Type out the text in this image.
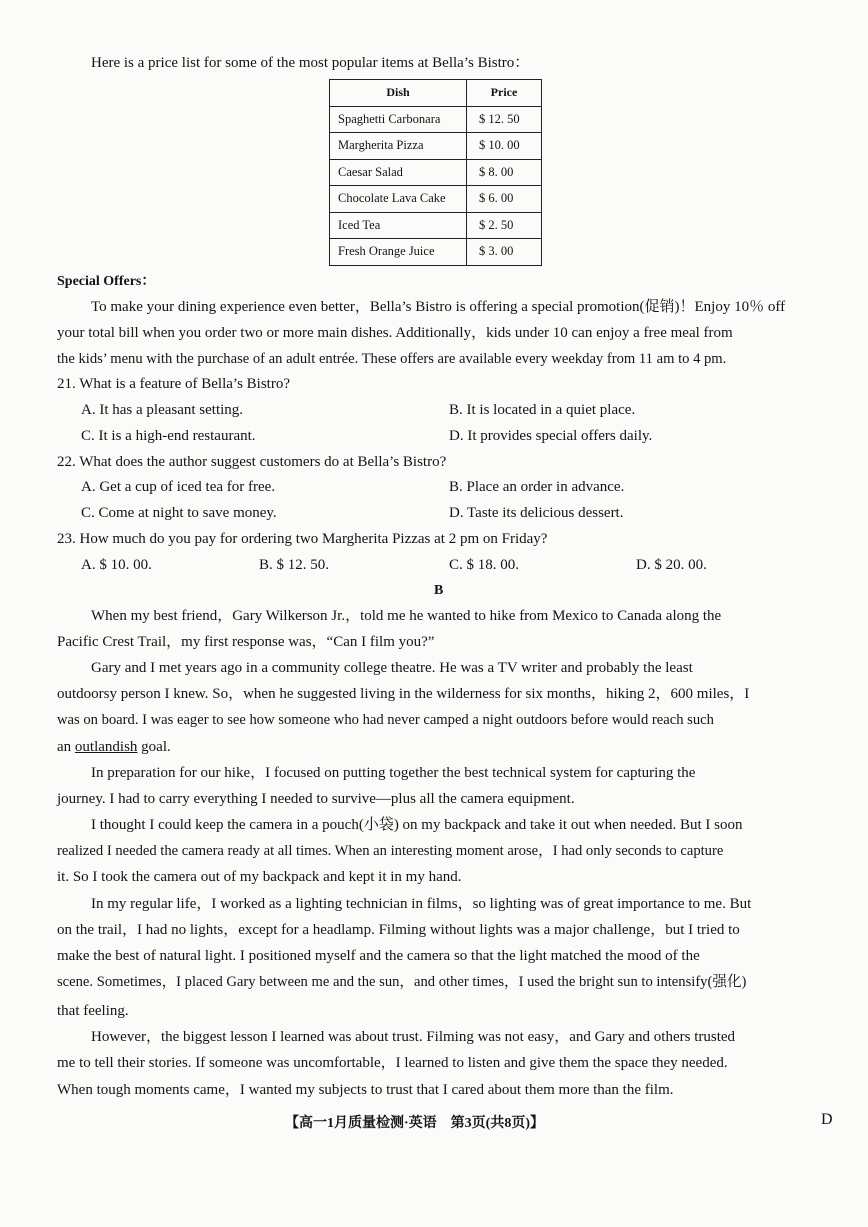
Here is a price list for some of the most popular items at Bella’s Bistro：
Dish	Price
Spaghetti Carbonara	$ 12. 50
Margherita Pizza	$ 10. 00
Caesar Salad	$ 8. 00
Chocolate Lava Cake	$ 6. 00
Iced Tea	$ 2. 50
Fresh Orange Juice	$ 3. 00
Special Offers：
To make your dining experience even better，Bella’s Bistro is offering a special promotion(促销)！Enjoy 10％ off
your total bill when you order two or more main dishes. Additionally，kids under 10 can enjoy a free meal from
the kids’ menu with the purchase of an adult entrée. These offers are available every weekday from 11 am to 4 pm.
21. What is a feature of Bella’s Bistro?
A. It has a pleasant setting.	B. It is located in a quiet place.
C. It is a high-end restaurant.	D. It provides special offers daily.
22. What does the author suggest customers do at Bella’s Bistro?
A. Get a cup of iced tea for free.	B. Place an order in advance.
C. Come at night to save money.	D. Taste its delicious dessert.
23. How much do you pay for ordering two Margherita Pizzas at 2 pm on Friday?
A. $ 10. 00.	B. $ 12. 50.	C. $ 18. 00.	D. $ 20. 00.
B
When my best friend，Gary Wilkerson Jr.，told me he wanted to hike from Mexico to Canada along the
Pacific Crest Trail，my first response was，“Can I film you?”
Gary and I met years ago in a community college theatre. He was a TV writer and probably the least
outdoorsy person I knew. So，when he suggested living in the wilderness for six months，hiking 2，600 miles，I
was on board. I was eager to see how someone who had never camped a night outdoors before would reach such
an outlandish goal.
In preparation for our hike，I focused on putting together the best technical system for capturing the
journey. I had to carry everything I needed to survive—plus all the camera equipment.
I thought I could keep the camera in a pouch(小袋) on my backpack and take it out when needed. But I soon
realized I needed the camera ready at all times. When an interesting moment arose，I had only seconds to capture
it. So I took the camera out of my backpack and kept it in my hand.
In my regular life，I worked as a lighting technician in films，so lighting was of great importance to me. But
on the trail，I had no lights，except for a headlamp. Filming without lights was a major challenge，but I tried to
make the best of natural light. I positioned myself and the camera so that the light matched the mood of the
scene. Sometimes，I placed Gary between me and the sun，and other times，I used the bright sun to intensify(强化)
that feeling.
However，the biggest lesson I learned was about trust. Filming was not easy，and Gary and others trusted
me to tell their stories. If someone was uncomfortable，I learned to listen and give them the space they needed.
When tough moments came，I wanted my subjects to trust that I cared about them more than the film.
【高一1月质量检测·英语　第3页(共8页)】	D
